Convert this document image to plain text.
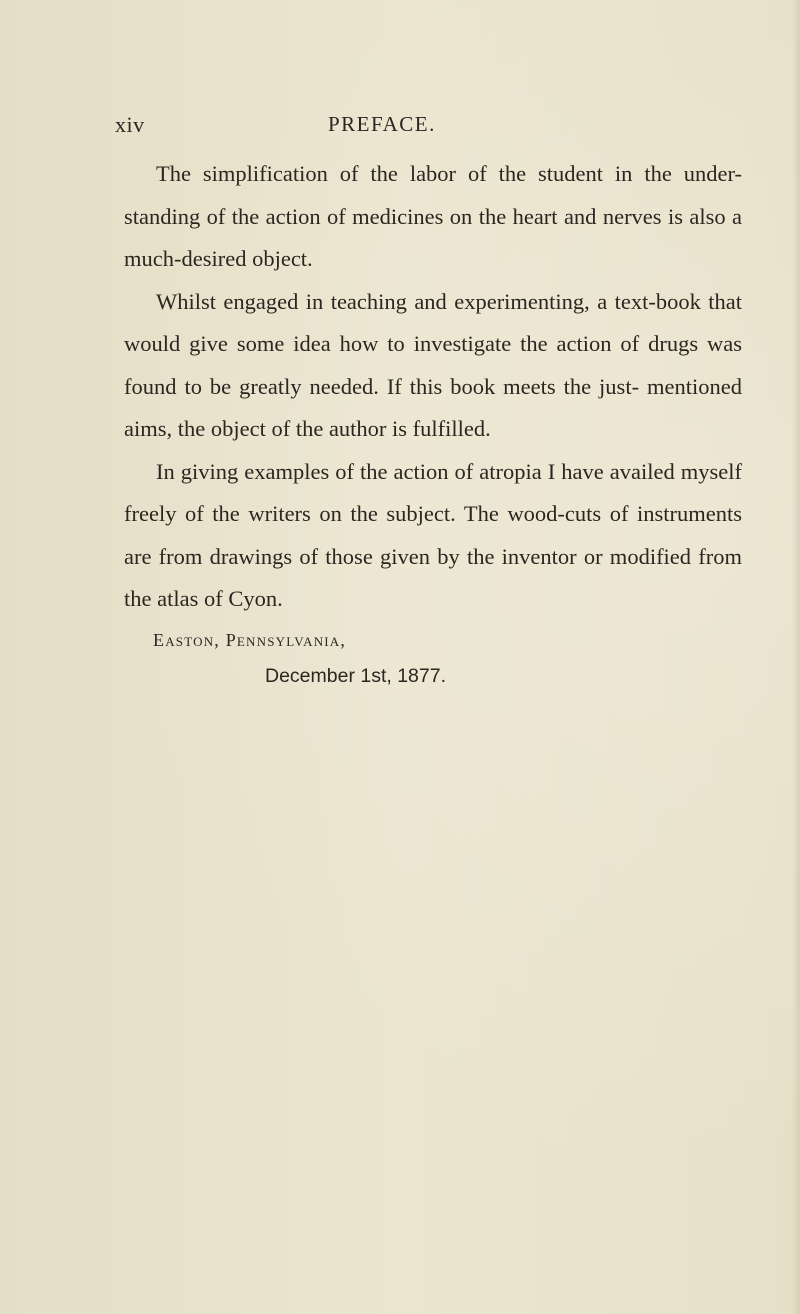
xiv	PREFACE.

The simplification of the labor of the student in the under- standing of the action of medicines on the heart and nerves is also a much-desired object.

Whilst engaged in teaching and experimenting, a text-book that would give some idea how to investigate the action of drugs was found to be greatly needed. If this book meets the just- mentioned aims, the object of the author is fulfilled.

In giving examples of the action of atropia I have availed myself freely of the writers on the subject. The wood-cuts of instruments are from drawings of those given by the inventor or modified from the atlas of Cyon.

Easton, Pennsylvania,
December 1st, 1877.
